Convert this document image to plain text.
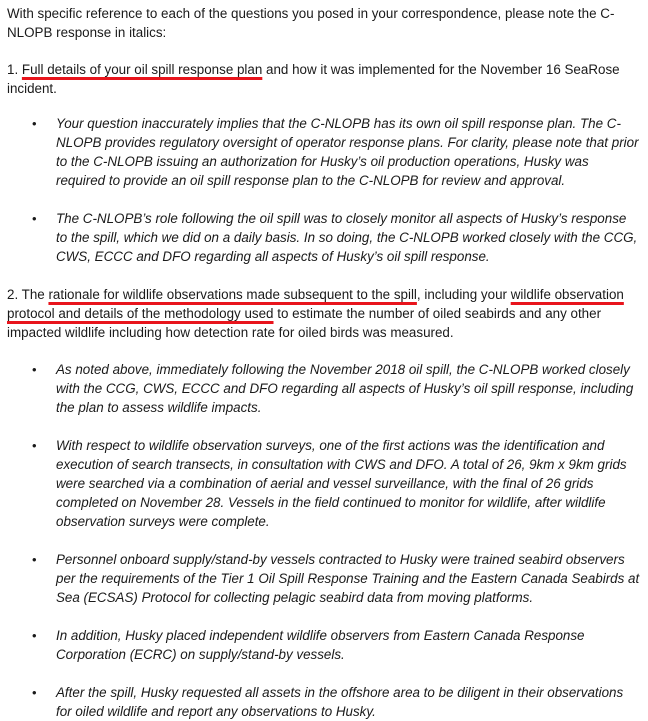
With specific reference to each of the questions you posed in your correspondence, please note the C-NLOPB response in italics:

1. Full details of your oil spill response plan and how it was implemented for the November 16 SeaRose incident.

• Your question inaccurately implies that the C-NLOPB has its own oil spill response plan. The C-NLOPB provides regulatory oversight of operator response plans. For clarity, please note that prior to the C-NLOPB issuing an authorization for Husky’s oil production operations, Husky was required to provide an oil spill response plan to the C-NLOPB for review and approval.
• The C-NLOPB’s role following the oil spill was to closely monitor all aspects of Husky’s response to the spill, which we did on a daily basis. In so doing, the C-NLOPB worked closely with the CCG, CWS, ECCC and DFO regarding all aspects of Husky’s oil spill response.

2. The rationale for wildlife observations made subsequent to the spill, including your wildlife observation protocol and details of the methodology used to estimate the number of oiled seabirds and any other impacted wildlife including how detection rate for oiled birds was measured.

• As noted above, immediately following the November 2018 oil spill, the C-NLOPB worked closely with the CCG, CWS, ECCC and DFO regarding all aspects of Husky’s oil spill response, including the plan to assess wildlife impacts.
• With respect to wildlife observation surveys, one of the first actions was the identification and execution of search transects, in consultation with CWS and DFO. A total of 26, 9km x 9km grids were searched via a combination of aerial and vessel surveillance, with the final of 26 grids completed on November 28. Vessels in the field continued to monitor for wildlife, after wildlife observation surveys were complete.
• Personnel onboard supply/stand-by vessels contracted to Husky were trained seabird observers per the requirements of the Tier 1 Oil Spill Response Training and the Eastern Canada Seabirds at Sea (ECSAS) Protocol for collecting pelagic seabird data from moving platforms.
• In addition, Husky placed independent wildlife observers from Eastern Canada Response Corporation (ECRC) on supply/stand-by vessels.
• After the spill, Husky requested all assets in the offshore area to be diligent in their observations for oiled wildlife and report any observations to Husky.
